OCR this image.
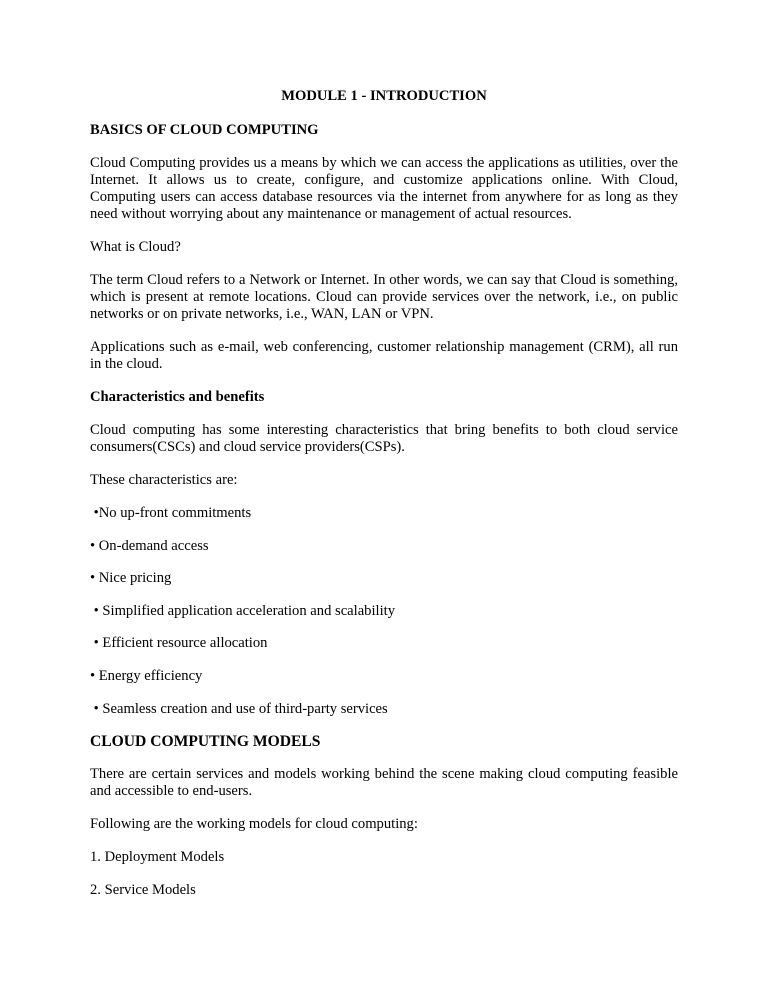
MODULE 1 - INTRODUCTION
BASICS OF CLOUD COMPUTING

Cloud Computing provides us a means by which we can access the applications as utilities, over the Internet. It allows us to create, configure, and customize applications online. With Cloud, Computing users can access database resources via the internet from anywhere for as long as they need without worrying about any maintenance or management of actual resources.

What is Cloud?

The term Cloud refers to a Network or Internet. In other words, we can say that Cloud is something, which is present at remote locations. Cloud can provide services over the network, i.e., on public networks or on private networks, i.e., WAN, LAN or VPN.

Applications such as e-mail, web conferencing, customer relationship management (CRM), all run in the cloud.

Characteristics and benefits

Cloud computing has some interesting characteristics that bring benefits to both cloud service consumers(CSCs) and cloud service providers(CSPs).

These characteristics are:

•No up-front commitments
• On-demand access
• Nice pricing
• Simplified application acceleration and scalability
• Efficient resource allocation
• Energy efficiency
• Seamless creation and use of third-party services
CLOUD COMPUTING MODELS

There are certain services and models working behind the scene making cloud computing feasible and accessible to end-users.

Following are the working models for cloud computing:

1. Deployment Models
2. Service Models
